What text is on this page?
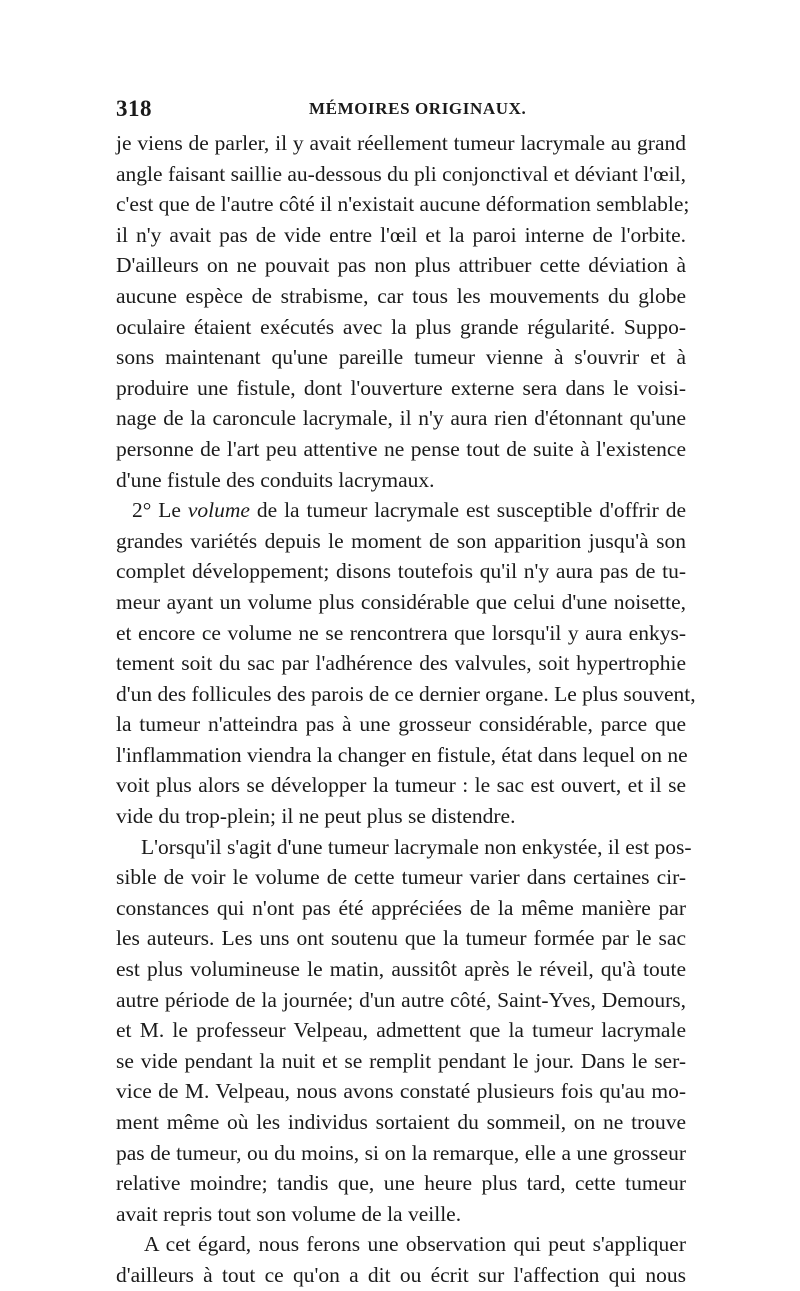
318	MÉMOIRES ORIGINAUX.
je viens de parler, il y avait réellement tumeur lacrymale au grand
angle faisant saillie au-dessous du pli conjonctival et déviant l'œil,
c'est que de l'autre côté il n'existait aucune déformation semblable;
il n'y avait pas de vide entre l'œil et la paroi interne de l'orbite.
D'ailleurs on ne pouvait pas non plus attribuer cette déviation à
aucune espèce de strabisme, car tous les mouvements du globe
oculaire étaient exécutés avec la plus grande régularité. Suppo-
sons maintenant qu'une pareille tumeur vienne à s'ouvrir et à
produire une fistule, dont l'ouverture externe sera dans le voisi-
nage de la caroncule lacrymale, il n'y aura rien d'étonnant qu'une
personne de l'art peu attentive ne pense tout de suite à l'existence
d'une fistule des conduits lacrymaux.
2° Le volume de la tumeur lacrymale est susceptible d'offrir de
grandes variétés depuis le moment de son apparition jusqu'à son
complet développement; disons toutefois qu'il n'y aura pas de tu-
meur ayant un volume plus considérable que celui d'une noisette,
et encore ce volume ne se rencontrera que lorsqu'il y aura enkys-
tement soit du sac par l'adhérence des valvules, soit hypertrophie
d'un des follicules des parois de ce dernier organe. Le plus souvent,
la tumeur n'atteindra pas à une grosseur considérable, parce que
l'inflammation viendra la changer en fistule, état dans lequel on ne
voit plus alors se développer la tumeur : le sac est ouvert, et il se
vide du trop-plein; il ne peut plus se distendre.
L'orsqu'il s'agit d'une tumeur lacrymale non enkystée, il est pos-
sible de voir le volume de cette tumeur varier dans certaines cir-
constances qui n'ont pas été appréciées de la même manière par
les auteurs. Les uns ont soutenu que la tumeur formée par le sac
est plus volumineuse le matin, aussitôt après le réveil, qu'à toute
autre période de la journée; d'un autre côté, Saint-Yves, Demours,
et M. le professeur Velpeau, admettent que la tumeur lacrymale
se vide pendant la nuit et se remplit pendant le jour. Dans le ser-
vice de M. Velpeau, nous avons constaté plusieurs fois qu'au mo-
ment même où les individus sortaient du sommeil, on ne trouve
pas de tumeur, ou du moins, si on la remarque, elle a une grosseur
relative moindre; tandis que, une heure plus tard, cette tumeur
avait repris tout son volume de la veille.
A cet égard, nous ferons une observation qui peut s'appliquer
d'ailleurs à tout ce qu'on a dit ou écrit sur l'affection qui nous
